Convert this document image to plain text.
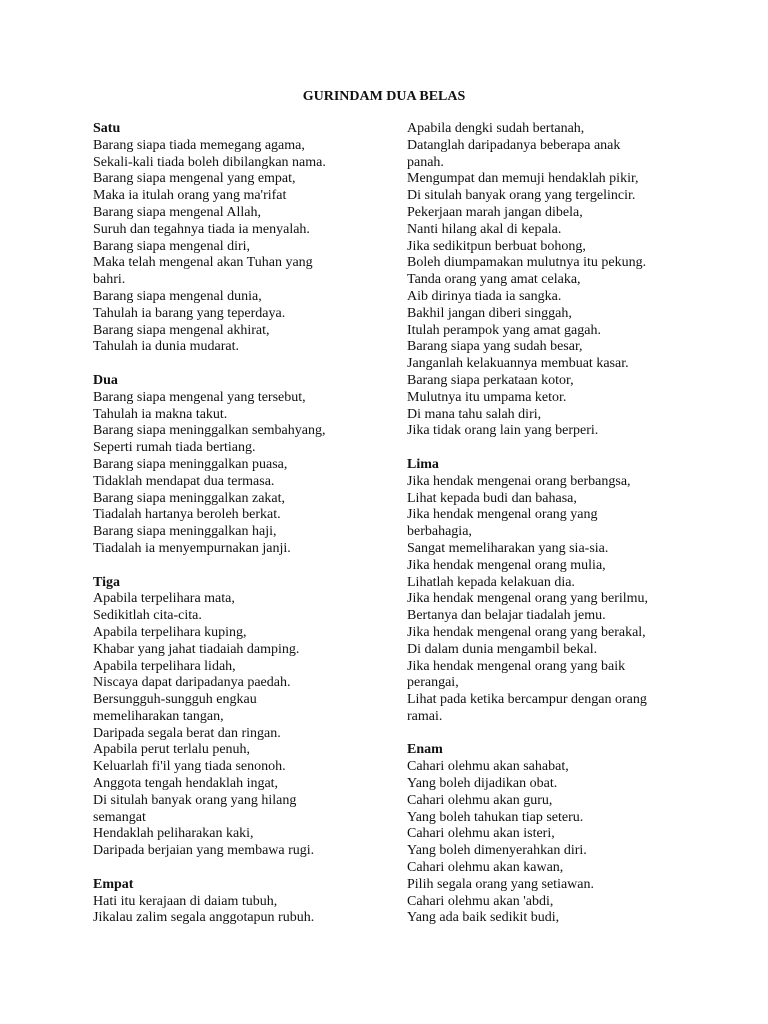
GURINDAM DUA BELAS
Satu
Barang siapa tiada memegang agama,
Sekali-kali tiada boleh dibilangkan nama.
Barang siapa mengenal yang empat,
Maka ia itulah orang yang ma'rifat
Barang siapa mengenal Allah,
Suruh dan tegahnya tiada ia menyalah.
Barang siapa mengenal diri,
Maka telah mengenal akan Tuhan yang
bahri.
Barang siapa mengenal dunia,
Tahulah ia barang yang teperdaya.
Barang siapa mengenal akhirat,
Tahulah ia dunia mudarat.
Dua
Barang siapa mengenal yang tersebut,
Tahulah ia makna takut.
Barang siapa meninggalkan sembahyang,
Seperti rumah tiada bertiang.
Barang siapa meninggalkan puasa,
Tidaklah mendapat dua termasa.
Barang siapa meninggalkan zakat,
Tiadalah hartanya beroleh berkat.
Barang siapa meninggalkan haji,
Tiadalah ia menyempurnakan janji.
Tiga
Apabila terpelihara mata,
Sedikitlah cita-cita.
Apabila terpelihara kuping,
Khabar yang jahat tiadaiah damping.
Apabila terpelihara lidah,
Niscaya dapat daripadanya paedah.
Bersungguh-sungguh engkau
memeliharakan tangan,
Daripada segala berat dan ringan.
Apabila perut terlalu penuh,
Keluarlah fi'il yang tiada senonoh.
Anggota tengah hendaklah ingat,
Di situlah banyak orang yang hilang
semangat
Hendaklah peliharakan kaki,
Daripada berjaian yang membawa rugi.
Empat
Hati itu kerajaan di daiam tubuh,
Jikalau zalim segala anggotapun rubuh.
Apabila dengki sudah bertanah,
Datanglah daripadanya beberapa anak
panah.
Mengumpat dan memuji hendaklah pikir,
Di situlah banyak orang yang tergelincir.
Pekerjaan marah jangan dibela,
Nanti hilang akal di kepala.
Jika sedikitpun berbuat bohong,
Boleh diumpamakan mulutnya itu pekung.
Tanda orang yang amat celaka,
Aib dirinya tiada ia sangka.
Bakhil jangan diberi singgah,
Itulah perampok yang amat gagah.
Barang siapa yang sudah besar,
Janganlah kelakuannya membuat kasar.
Barang siapa perkataan kotor,
Mulutnya itu umpama ketor.
Di mana tahu salah diri,
Jika tidak orang lain yang berperi.
Lima
Jika hendak mengenai orang berbangsa,
Lihat kepada budi dan bahasa,
Jika hendak mengenal orang yang
berbahagia,
Sangat memeliharakan yang sia-sia.
Jika hendak mengenal orang mulia,
Lihatlah kepada kelakuan dia.
Jika hendak mengenal orang yang berilmu,
Bertanya dan belajar tiadalah jemu.
Jika hendak mengenal orang yang berakal,
Di dalam dunia mengambil bekal.
Jika hendak mengenal orang yang baik
perangai,
Lihat pada ketika bercampur dengan orang
ramai.
Enam
Cahari olehmu akan sahabat,
Yang boleh dijadikan obat.
Cahari olehmu akan guru,
Yang boleh tahukan tiap seteru.
Cahari olehmu akan isteri,
Yang boleh dimenyerahkan diri.
Cahari olehmu akan kawan,
Pilih segala orang yang setiawan.
Cahari olehmu akan 'abdi,
Yang ada baik sedikit budi,
